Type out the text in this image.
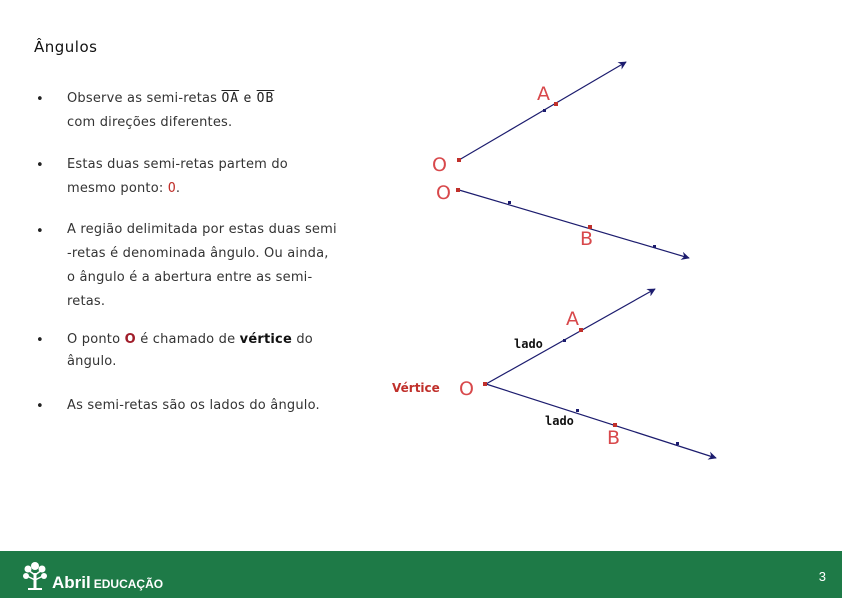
Ângulos
• Observe as semi-retas $\overline{OA}$ e $\overline{OB}$
com direções diferentes.
• Estas duas semi-retas partem do
mesmo ponto: O.
• A região delimitada por estas duas semi
-retas é denominada ângulo. Ou ainda,
o ângulo é a abertura entre as semi-
retas.
• O ponto O é chamado de vértice do
ângulo.
• As semi-retas são os lados do ângulo.
A
O
O
B
A
lado
Vértice O
lado
B
Abril EDUCAÇÃO	3
